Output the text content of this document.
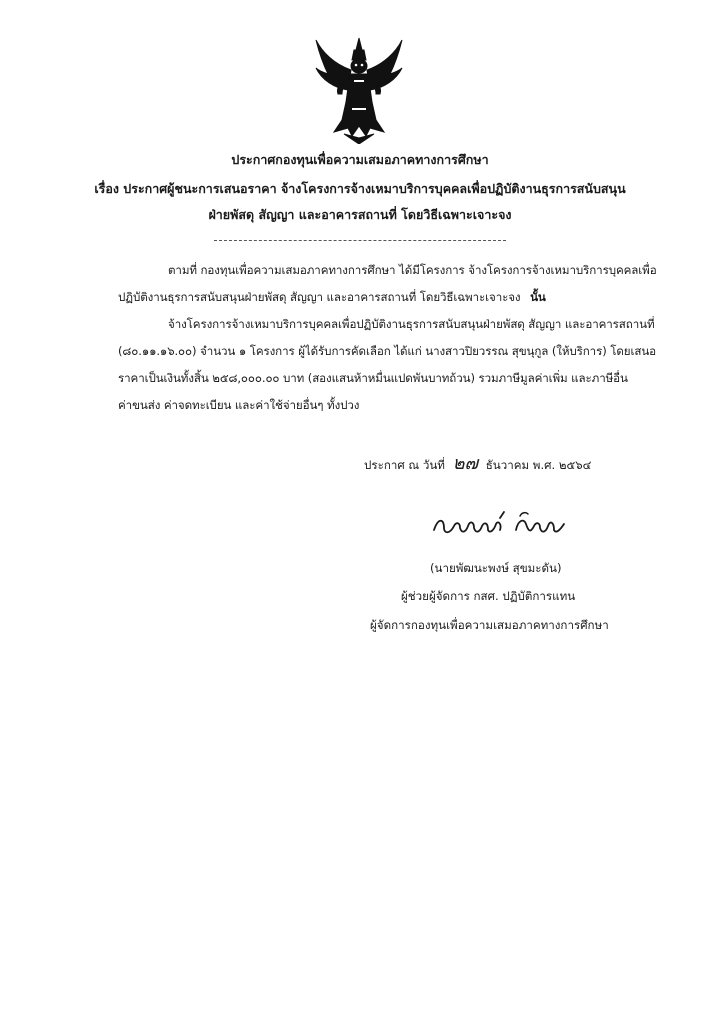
ประกาศกองทุนเพื่อความเสมอภาคทางการศึกษา
เรื่อง ประกาศผู้ชนะการเสนอราคา จ้างโครงการจ้างเหมาบริการบุคคลเพื่อปฏิบัติงานธุรการสนับสนุน
ฝ่ายพัสดุ สัญญา และอาคารสถานที่ โดยวิธีเฉพาะเจาะจง
ตามที่ กองทุนเพื่อความเสมอภาคทางการศึกษา ได้มีโครงการ จ้างโครงการจ้างเหมาบริการบุคคลเพื่อ
ปฏิบัติงานธุรการสนับสนุนฝ่ายพัสดุ สัญญา และอาคารสถานที่ โดยวิธีเฉพาะเจาะจง นั้น
จ้างโครงการจ้างเหมาบริการบุคคลเพื่อปฏิบัติงานธุรการสนับสนุนฝ่ายพัสดุ สัญญา และอาคารสถานที่
(๘๐.๑๑.๑๖.๐๐) จำนวน ๑ โครงการ ผู้ได้รับการคัดเลือก ได้แก่ นางสาวปิยวรรณ สุขนุกูล (ให้บริการ) โดยเสนอ
ราคาเป็นเงินทั้งสิ้น ๒๕๘,๐๐๐.๐๐ บาท (สองแสนห้าหมื่นแปดพันบาทถ้วน) รวมภาษีมูลค่าเพิ่ม และภาษีอื่น
ค่าขนส่ง ค่าจดทะเบียน และค่าใช้จ่ายอื่นๆ ทั้งปวง
ประกาศ ณ วันที่ ๒๗ ธันวาคม พ.ศ. ๒๕๖๔
(นายพัฒนะพงษ์ สุขมะดัน)
ผู้ช่วยผู้จัดการ กสศ. ปฏิบัติการแทน
ผู้จัดการกองทุนเพื่อความเสมอภาคทางการศึกษา
